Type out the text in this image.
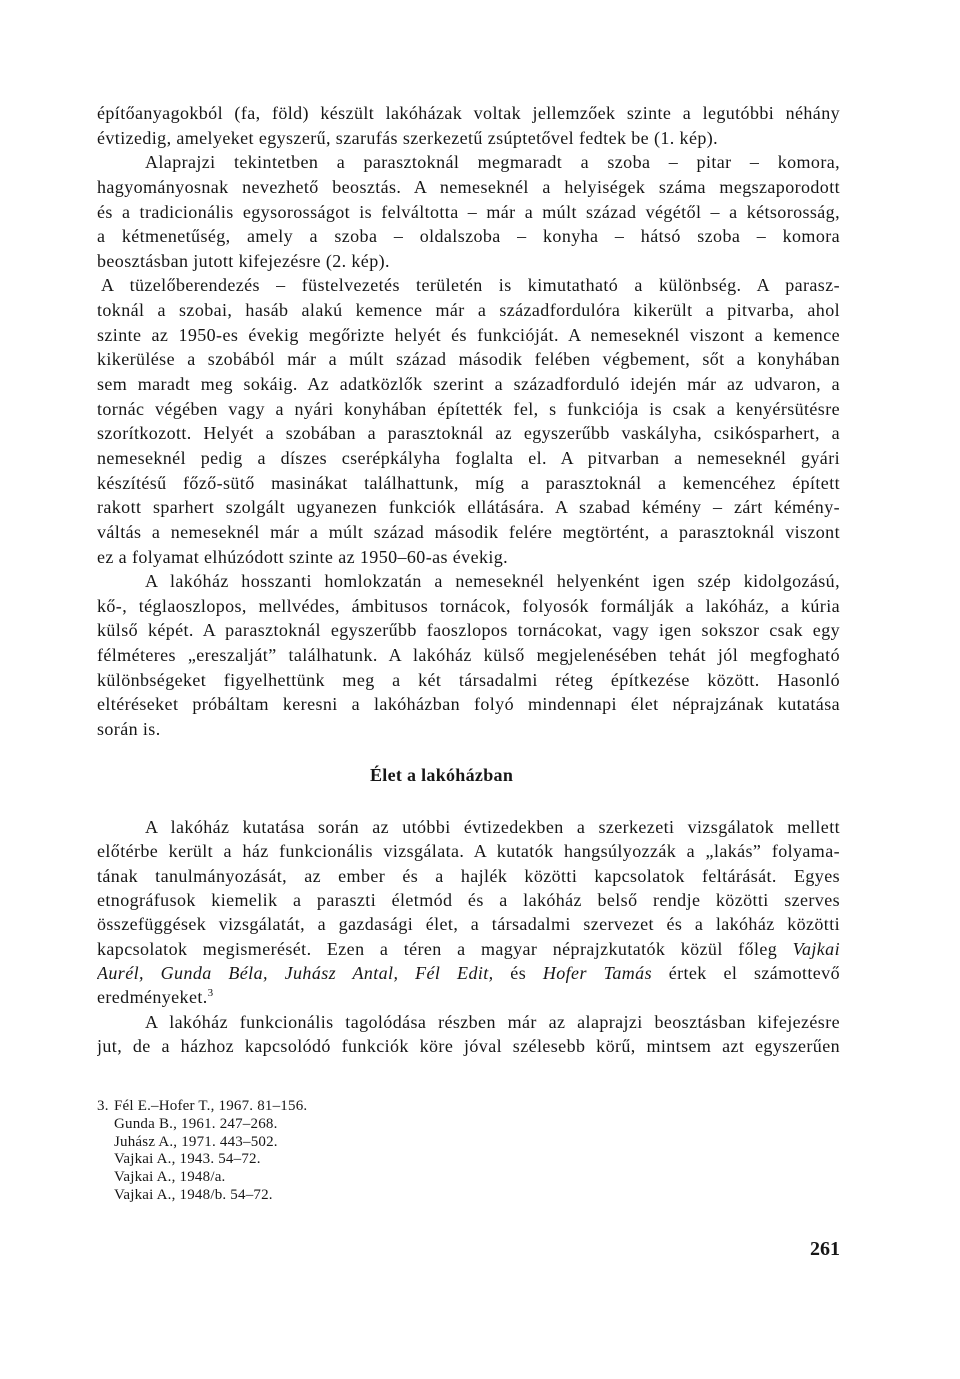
építőanyagokból (fa, föld) készült lakóházak voltak jellemzőek szinte a legutóbbi néhány
évtizedig, amelyeket egyszerű, szarufás szerkezetű zsúptetővel fedtek be (1. kép).
Alaprajzi tekintetben a parasztoknál megmaradt a szoba – pitar – komora,
hagyományosnak nevezhető beosztás. A nemeseknél a helyiségek száma megszaporodott
és a tradicionális egysorosságot is felváltotta – már a múlt század végétől – a kétsorosság,
a kétmenetűség, amely a szoba – oldalszoba – konyha – hátsó szoba – komora
beosztásban jutott kifejezésre (2. kép).
A tüzelőberendezés – füstelvezetés területén is kimutatható a különbség. A parasz-
toknál a szobai, hasáb alakú kemence már a századfordulóra kikerült a pitvarba, ahol
szinte az 1950-es évekig megőrizte helyét és funkcióját. A nemeseknél viszont a kemence
kikerülése a szobából már a múlt század második felében végbement, sőt a konyhában
sem maradt meg sokáig. Az adatközlők szerint a századforduló idején már az udvaron, a
tornác végében vagy a nyári konyhában építették fel, s funkciója is csak a kenyérsütésre
szorítkozott. Helyét a szobában a parasztoknál az egyszerűbb vaskályha, csikósparhert, a
nemeseknél pedig a díszes cserépkályha foglalta el. A pitvarban a nemeseknél gyári
készítésű főző-sütő masinákat találhattunk, míg a parasztoknál a kemencéhez épített
rakott sparhert szolgált ugyanezen funkciók ellátására. A szabad kémény – zárt kémény-
váltás a nemeseknél már a múlt század második felére megtörtént, a parasztoknál viszont
ez a folyamat elhúzódott szinte az 1950–60-as évekig.
A lakóház hosszanti homlokzatán a nemeseknél helyenként igen szép kidolgozású,
kő-, téglaoszlopos, mellvédes, ámbitusos tornácok, folyosók formálják a lakóház, a kúria
külső képét. A parasztoknál egyszerűbb faoszlopos tornácokat, vagy igen sokszor csak egy
félméteres „ereszalját” találhatunk. A lakóház külső megjelenésében tehát jól megfogható
különbségeket figyelhettünk meg a két társadalmi réteg építkezése között. Hasonló
eltéréseket próbáltam keresni a lakóházban folyó mindennapi élet néprajzának kutatása
során is.
Élet a lakóházban
A lakóház kutatása során az utóbbi évtizedekben a szerkezeti vizsgálatok mellett
előtérbe került a ház funkcionális vizsgálata. A kutatók hangsúlyozzák a „lakás” folyama-
tának tanulmányozását, az ember és a hajlék közötti kapcsolatok feltárását. Egyes
etnográfusok kiemelik a paraszti életmód és a lakóház belső rendje közötti szerves
összefüggések vizsgálatát, a gazdasági élet, a társadalmi szervezet és a lakóház közötti
kapcsolatok megismerését. Ezen a téren a magyar néprajzkutatók közül főleg Vajkai
Aurél, Gunda Béla, Juhász Antal, Fél Edit, és Hofer Tamás értek el számottevő
eredményeket.$^3$
A lakóház funkcionális tagolódása részben már az alaprajzi beosztásban kifejezésre
jut, de a házhoz kapcsolódó funkciók köre jóval szélesebb körű, mintsem azt egyszerűen
3. Fél E.–Hofer T., 1967. 81–156.
Gunda B., 1961. 247–268.
Juhász A., 1971. 443–502.
Vajkai A., 1943. 54–72.
Vajkai A., 1948/a.
Vajkai A., 1948/b. 54–72.
261
